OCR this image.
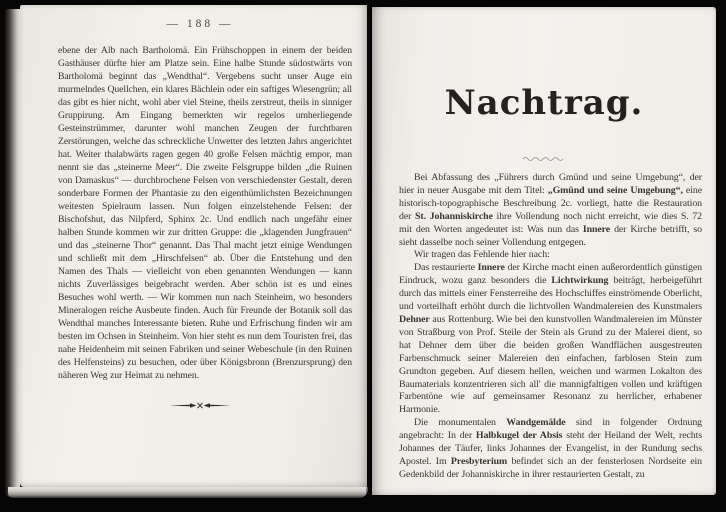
— 188 —

ebene der Alb nach Bartholomä. Ein Frühschoppen in einem der beiden Gasthäuser dürfte hier am Platze sein. Eine halbe Stunde südostwärts von Bartholomä beginnt das „Wendthal“. Vergebens sucht unser Auge ein murmelndes Quellchen, ein klares Bächlein oder ein saftiges Wiesengrün; all das gibt es hier nicht, wohl aber viel Steine, theils zerstreut, theils in sinniger Gruppirung. Am Eingang bemerkten wir regelos umherliegende Gesteinstrümmer, darunter wohl manchen Zeugen der furchtbaren Zerstörungen, welche das schreckliche Unwetter des letzten Jahrs angerichtet hat. Weiter thalabwärts ragen gegen 40 große Felsen mächtig empor, man nennt sie das „steinerne Meer“. Die zweite Felsgruppe bilden „die Ruinen von Damaskus“ — durchbrochene Felsen von verschiedenster Gestalt, deren sonderbare Formen der Phantasie zu den eigenthümlichsten Bezeichnungen weitesten Spielraum lassen. Nun folgen einzelstehende Felsen: der Bischofshut, das Nilpferd, Sphinx 2c. Und endlich nach ungefähr einer halben Stunde kommen wir zur dritten Gruppe: die „klagenden Jungfrauen“ und das „steinerne Thor“ genannt. Das Thal macht jetzt einige Wendungen und schließt mit dem „Hirschfelsen“ ab. Über die Entstehung und den Namen des Thals — vielleicht von eben genannten Wendungen — kann nichts Zuverlässiges beigebracht werden. Aber schön ist es und eines Besuches wohl werth. — Wir kommen nun nach Steinheim, wo besonders Mineralogen reiche Ausbeute finden. Auch für Freunde der Botanik soll das Wendthal manches Interessante bieten. Ruhe und Erfrischung finden wir am besten im Ochsen in Steinheim. Von hier steht es nun dem Touristen frei, das nahe Heidenheim mit seinen Fabriken und seiner Webeschule (in den Ruinen des Helfensteins) zu besuchen, oder über Königsbronn (Brenzursprung) den näheren Weg zur Heimat zu nehmen.

Nachtrag.

Bei Abfassung des „Führers durch Gmünd und seine Umgebung“, der hier in neuer Ausgabe mit dem Titel: „Gmünd und seine Umgebung“, eine historisch-topographische Beschreibung 2c. vorliegt, hatte die Restauration der St. Johanniskirche ihre Vollendung noch nicht erreicht, wie dies S. 72 mit den Worten angedeutet ist: Was nun das Innere der Kirche betrifft, so sieht dasselbe noch seiner Vollendung entgegen.

Wir tragen das Fehlende hier nach:

Das restaurierte Innere der Kirche macht einen außerordentlich günstigen Eindruck, wozu ganz besonders die Lichtwirkung beiträgt, herbeigeführt durch das mittels einer Fensterreihe des Hochschiffes einströmende Oberlicht, und vorteilhaft erhöht durch die lichtvollen Wandmalereien des Kunstmalers Dehner aus Rottenburg. Wie bei den kunstvollen Wandmalereien im Münster von Straßburg von Prof. Steile der Stein als Grund zu der Malerei dient, so hat Dehner dem über die beiden großen Wandflächen ausgestreuten Farbenschmuck seiner Malereien den einfachen, farblosen Stein zum Grundton gegeben. Auf diesem hellen, weichen und warmen Lokalton des Baumaterials konzentrieren sich all' die mannigfaltigen vollen und kräftigen Farbentöne wie auf gemeinsamer Resonanz zu herrlicher, erhabener Harmonie.

Die monumentalen Wandgemälde sind in folgender Ordnung angebracht: In der Halbkugel der Absis steht der Heiland der Welt, rechts Johannes der Täufer, links Johannes der Evangelist, in der Rundung sechs Apostel. Im Presbyterium befindet sich an der fensterlosen Nordseite ein Gedenkbild der Johanniskirche in ihrer restaurierten Gestalt, zu
